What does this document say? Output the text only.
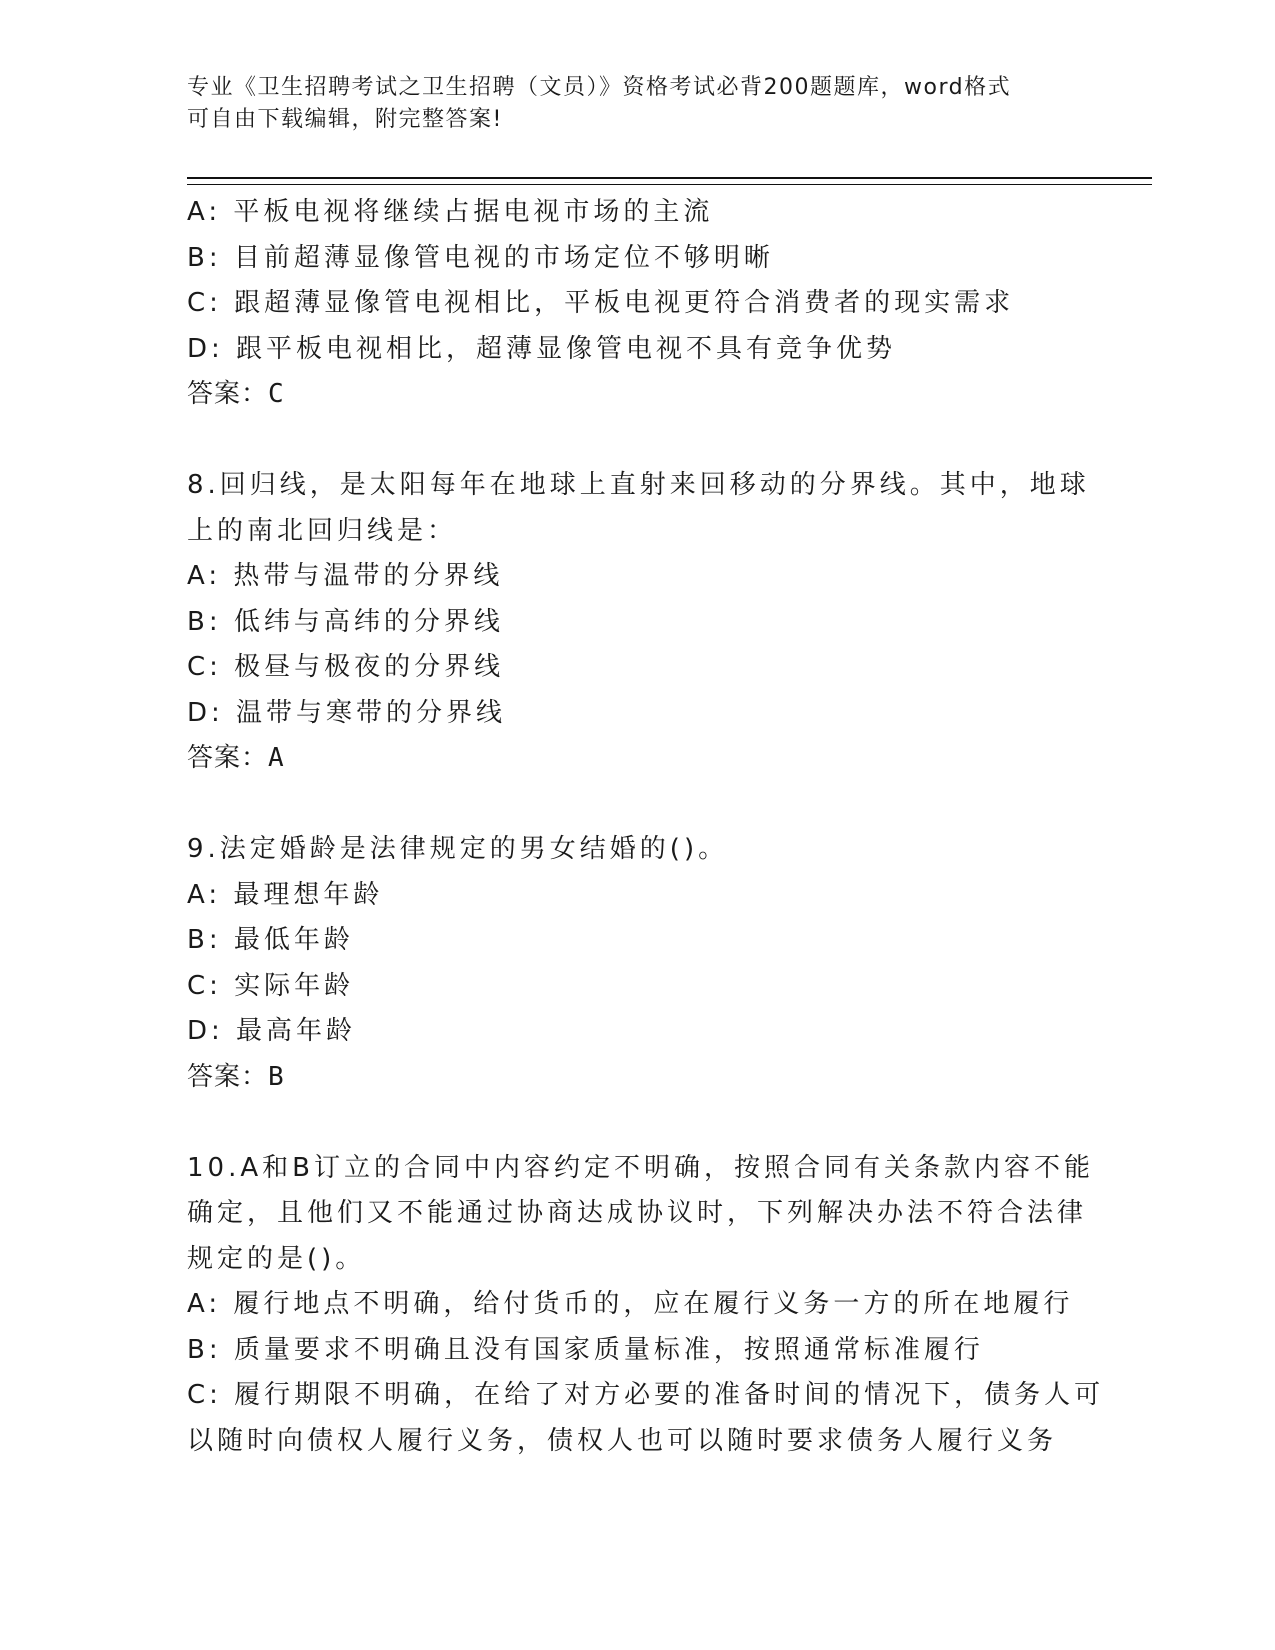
专业《卫生招聘考试之卫生招聘（文员）》资格考试必背200题题库，word格式
可自由下载编辑，附完整答案!
A: 平板电视将继续占据电视市场的主流
B: 目前超薄显像管电视的市场定位不够明晰
C: 跟超薄显像管电视相比，平板电视更符合消费者的现实需求
D: 跟平板电视相比，超薄显像管电视不具有竞争优势
答案：C
8.回归线，是太阳每年在地球上直射来回移动的分界线。其中，地球
上的南北回归线是：
A: 热带与温带的分界线
B: 低纬与高纬的分界线
C: 极昼与极夜的分界线
D: 温带与寒带的分界线
答案：A
9.法定婚龄是法律规定的男女结婚的()。
A: 最理想年龄
B: 最低年龄
C: 实际年龄
D: 最高年龄
答案：B
10.A和B订立的合同中内容约定不明确，按照合同有关条款内容不能
确定，且他们又不能通过协商达成协议时，下列解决办法不符合法律
规定的是()。
A: 履行地点不明确，给付货币的，应在履行义务一方的所在地履行
B: 质量要求不明确且没有国家质量标准，按照通常标准履行
C: 履行期限不明确，在给了对方必要的准备时间的情况下，债务人可
以随时向债权人履行义务，债权人也可以随时要求债务人履行义务
